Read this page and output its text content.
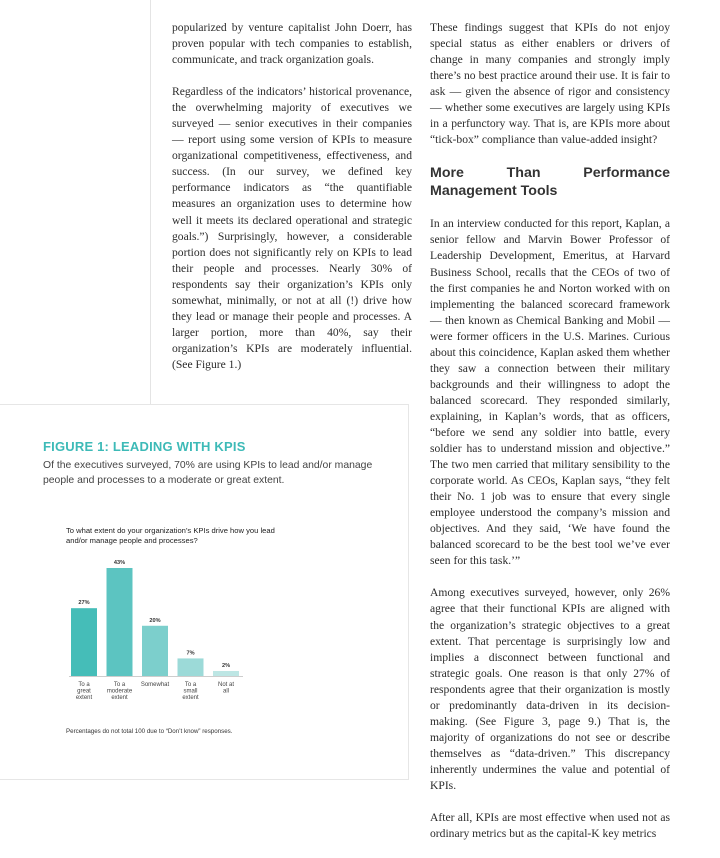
popularized by venture capitalist John Doerr, has proven popular with tech companies to establish, communicate, and track organization goals.

Regardless of the indicators’ historical provenance, the overwhelming majority of executives we surveyed — senior executives in their companies — report using some version of KPIs to measure organizational competitiveness, effectiveness, and success. (In our survey, we defined key performance indicators as “the quantifiable measures an organization uses to determine how well it meets its declared operational and strategic goals.”) Surprisingly, however, a considerable portion does not significantly rely on KPIs to lead their people and processes. Nearly 30% of respondents say their organization’s KPIs only somewhat, minimally, or not at all (!) drive how they lead or manage their people and processes. A larger portion, more than 40%, say their organization’s KPIs are moderately influential. (See Figure 1.)

These findings suggest that KPIs do not enjoy special status as either enablers or drivers of change in many companies and strongly imply there’s no best practice around their use. It is fair to ask — given the absence of rigor and consistency — whether some executives are largely using KPIs in a perfunctory way. That is, are KPIs more about “tick-box” compliance than value-added insight?

More Than Performance Management Tools

In an interview conducted for this report, Kaplan, a senior fellow and Marvin Bower Professor of Leadership Development, Emeritus, at Harvard Business School, recalls that the CEOs of two of the first companies he and Norton worked with on implementing the balanced scorecard framework — then known as Chemical Banking and Mobil — were former officers in the U.S. Marines. Curious about this coincidence, Kaplan asked them whether they saw a connection between their military backgrounds and their willingness to adopt the balanced scorecard. They responded similarly, explaining, in Kaplan’s words, that as officers, “before we send any soldier into battle, every soldier has to understand mission and objective.” The two men carried that military sensibility to the corporate world. As CEOs, Kaplan says, “they felt their No. 1 job was to ensure that every single employee understood the company’s mission and objectives. And they said, ‘We have found the balanced scorecard to be the best tool we’ve ever seen for this task.’”

Among executives surveyed, however, only 26% agree that their functional KPIs are aligned with the organization’s strategic objectives to a great extent. That percentage is surprisingly low and implies a disconnect between functional and strategic goals. One reason is that only 27% of respondents agree that their organization is mostly or predominantly data-driven in its decision-making. (See Figure 3, page 9.) That is, the majority of organizations do not see or describe themselves as “data-driven.” This discrepancy inherently undermines the value and potential of KPIs.

After all, KPIs are most effective when used not as ordinary metrics but as the capital-K key metrics

FIGURE 1: LEADING WITH KPIS
Of the executives surveyed, 70% are using KPIs to lead and/or manage people and processes to a moderate or great extent.
To what extent do your organization’s KPIs drive how you lead and/or manage people and processes?
27%
To a
great
extent
43%
To a
moderate
extent
20%
Somewhat
7%
To a
small
extent
2%
Not at
all
Percentages do not total 100 due to “Don’t know” responses.
